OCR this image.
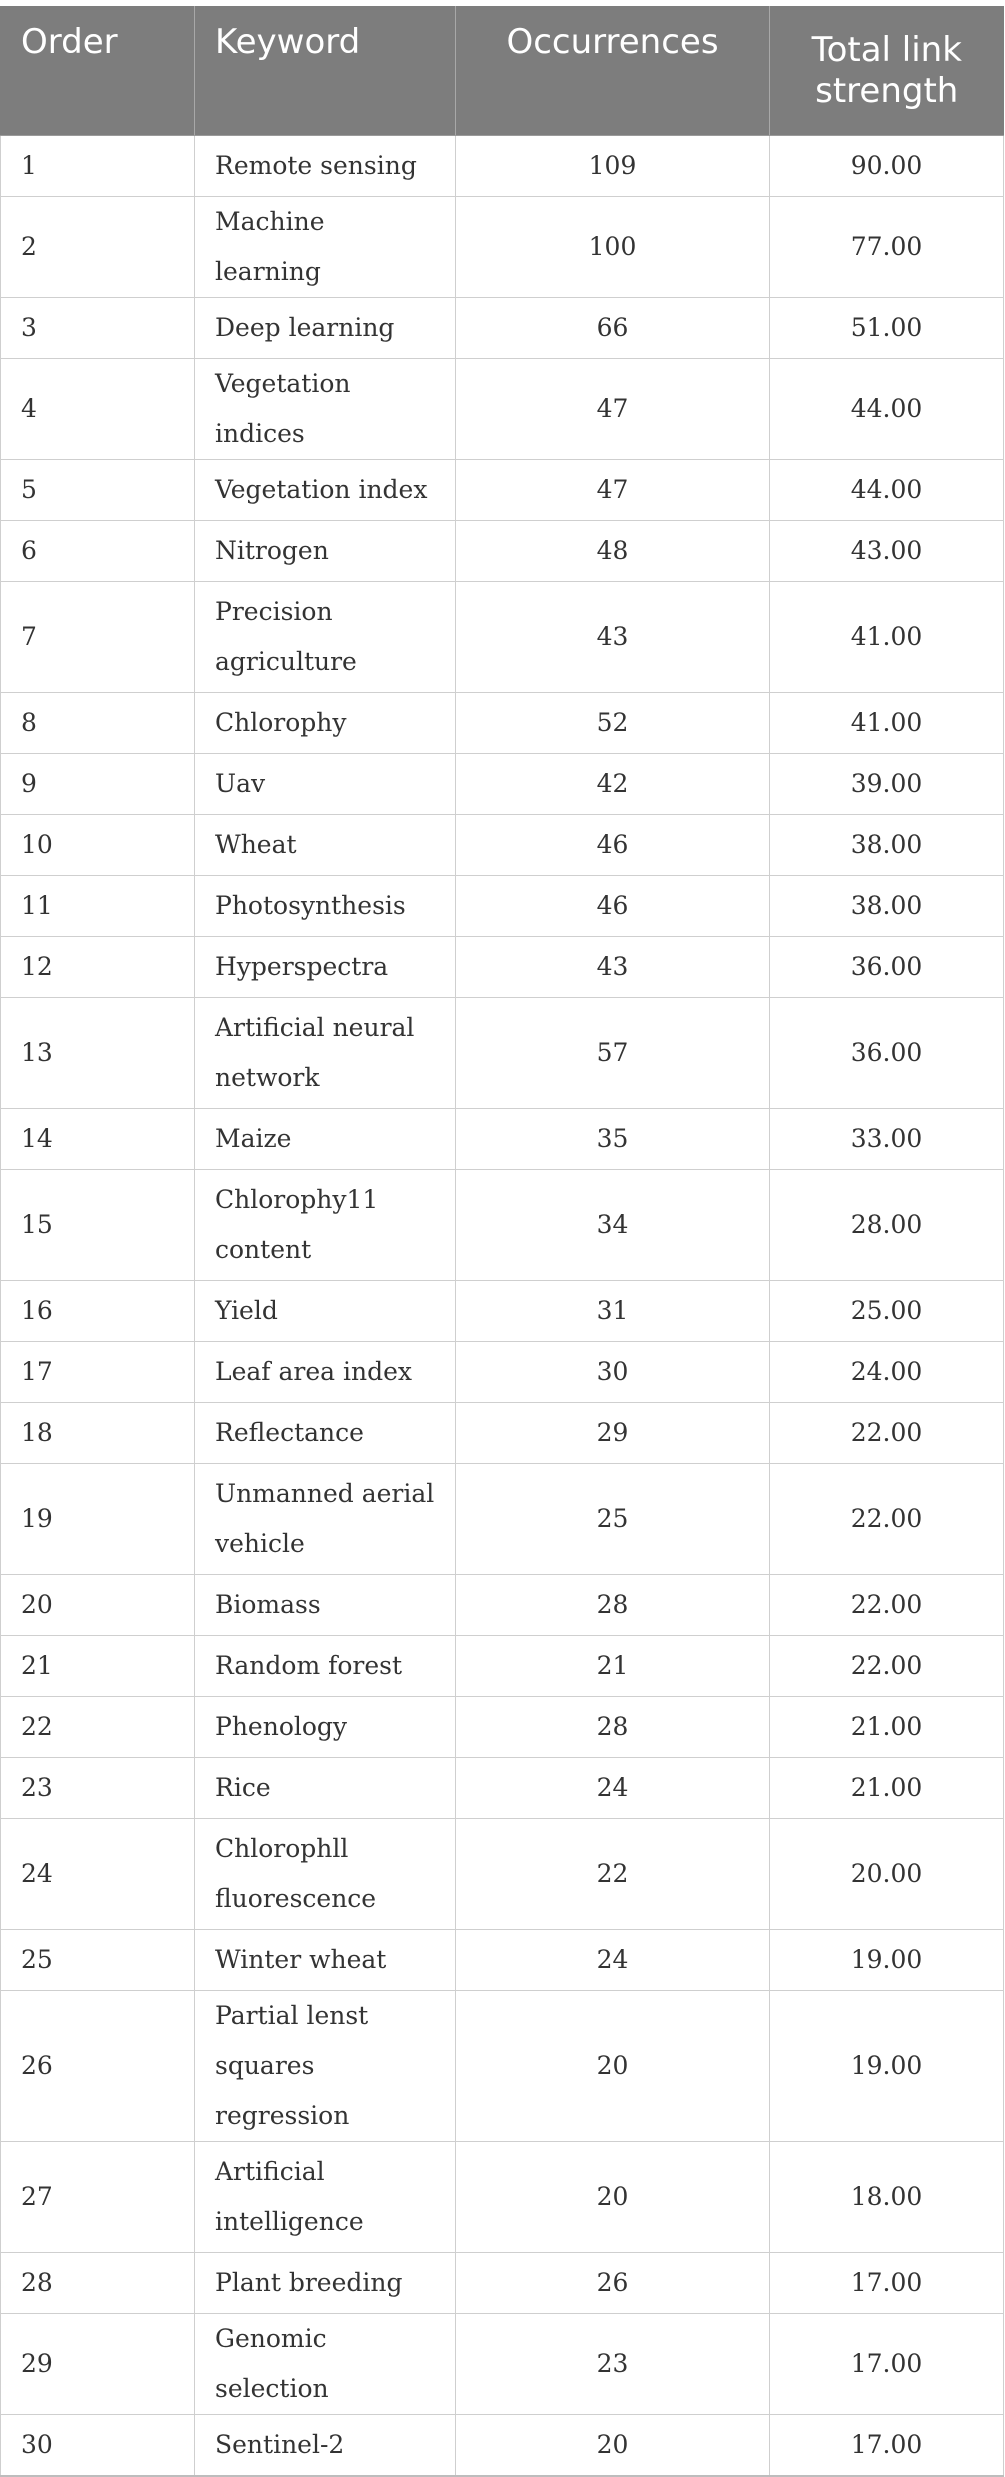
Order	Keyword	Occurrences	Total link strength
1	Remote sensing	109	90.00
2	Machine learning	100	77.00
3	Deep learning	66	51.00
4	Vegetation indices	47	44.00
5	Vegetation index	47	44.00
6	Nitrogen	48	43.00
7	Precision agriculture	43	41.00
8	Chlorophy	52	41.00
9	Uav	42	39.00
10	Wheat	46	38.00
11	Photosynthesis	46	38.00
12	Hyperspectra	43	36.00
13	Artificial neural network	57	36.00
14	Maize	35	33.00
15	Chlorophy11 content	34	28.00
16	Yield	31	25.00
17	Leaf area index	30	24.00
18	Reflectance	29	22.00
19	Unmanned aerial vehicle	25	22.00
20	Biomass	28	22.00
21	Random forest	21	22.00
22	Phenology	28	21.00
23	Rice	24	21.00
24	Chlorophll fluorescence	22	20.00
25	Winter wheat	24	19.00
26	Partial lenst squares regression	20	19.00
27	Artificial intelligence	20	18.00
28	Plant breeding	26	17.00
29	Genomic selection	23	17.00
30	Sentinel-2	20	17.00
